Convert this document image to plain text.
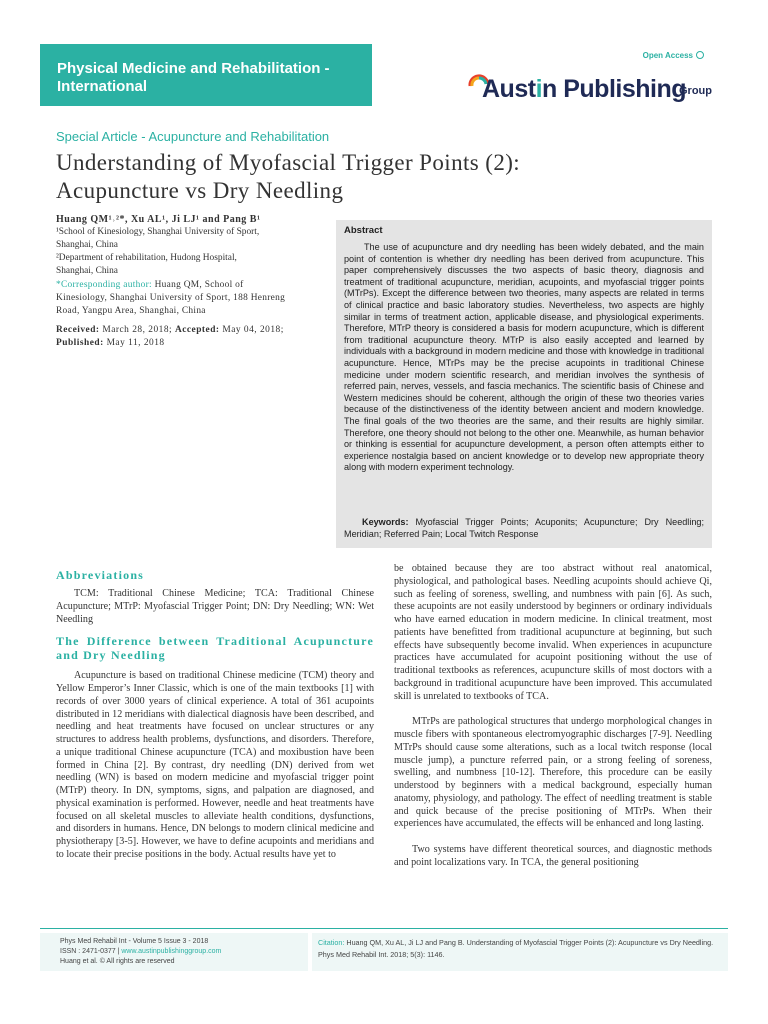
Physical Medicine and Rehabilitation -
International
Open Access
Austin Publishing
Group
Special Article - Acupuncture and Rehabilitation
Understanding of Myofascial Trigger Points (2):
Acupuncture vs Dry Needling
Huang QM¹˒²*, Xu AL¹, Ji LJ¹ and Pang B¹
¹School of Kinesiology, Shanghai University of Sport,
Shanghai, China
²Department of rehabilitation, Hudong Hospital,
Shanghai, China
*Corresponding author: Huang QM, School of
Kinesiology, Shanghai University of Sport, 188 Henreng
Road, Yangpu Area, Shanghai, China
Received: March 28, 2018; Accepted: May 04, 2018;
Published: May 11, 2018
Abstract
The use of acupuncture and dry needling has been widely debated, and the main point of contention is whether dry needling has been derived from acupuncture. This paper comprehensively discusses the two aspects of basic theory, diagnosis and treatment of traditional acupuncture, meridian, acupoints, and myofascial trigger points (MTrPs). Except the difference between two theories, many aspects are related in terms of clinical practice and basic laboratory studies. Nevertheless, two aspects are highly similar in terms of treatment action, applicable disease, and physiological experiments. Therefore, MTrP theory is considered a basis for modern acupuncture, which is different from traditional acupuncture theory. MTrP is also easily accepted and learned by individuals with a background in modern medicine and those with knowledge in traditional acupuncture. Hence, MTrPs may be the precise acupoints in traditional Chinese medicine under modern scientific research, and meridian involves the synthesis of referred pain, nerves, vessels, and fascia mechanics. The scientific basis of Chinese and Western medicines should be coherent, although the origin of these two theories varies because of the distinctiveness of the identity between ancient and modern knowledge. The final goals of the two theories are the same, and their results are highly similar. Therefore, one theory should not belong to the other one. Meanwhile, as human behavior or thinking is essential for acupuncture development, a person often attempts either to experience nostalgia based on ancient knowledge or to develop new appropriate theory along with modern experiment technology.
Keywords: Myofascial Trigger Points; Acuponits; Acupuncture; Dry Needling; Meridian; Referred Pain; Local Twitch Response
Abbreviations

TCM: Traditional Chinese Medicine; TCA: Traditional Chinese Acupuncture; MTrP: Myofascial Trigger Point; DN: Dry Needling; WN: Wet Needling

The Difference between Traditional Acupuncture and Dry Needling

Acupuncture is based on traditional Chinese medicine (TCM) theory and Yellow Emperor’s Inner Classic, which is one of the main textbooks [1] with records of over 3000 years of clinical experience. A total of 361 acupoints distributed in 12 meridians with dialectical diagnosis have been described, and needling and heat treatments have focused on unclear structures or any structures to address health problems, dysfunctions, and disorders. Therefore, a unique traditional Chinese acupuncture (TCA) and moxibustion have been formed in China [2]. By contrast, dry needling (DN) derived from wet needling (WN) is based on modern medicine and myofascial trigger point (MTrP) theory. In DN, symptoms, signs, and palpation are diagnosed, and physical examination is performed. However, needle and heat treatments have focused on all skeletal muscles to alleviate health conditions, dysfunctions, and disorders in humans. Hence, DN belongs to modern clinical medicine and physiotherapy [3-5]. However, we have to define acupoints and meridians and to locate their precise positions in the body. Actual results have yet to

be obtained because they are too abstract without real anatomical, physiological, and pathological bases. Needling acupoints should achieve Qi, such as feeling of soreness, swelling, and numbness with pain [6]. As such, these acupoints are not easily understood by beginners or ordinary individuals who have earned education in modern medicine. In clinical treatment, most patients have benefitted from traditional acupuncture at beginning, but such effects have subsequently become invalid. When experiences in acupuncture practices have accumulated for acupoint positioning without the use of traditional textbooks as references, acupuncture skills of most doctors with a background in traditional acupuncture have been improved. This accumulated skill is unrelated to textbooks of TCA.

MTrPs are pathological structures that undergo morphological changes in muscle fibers with spontaneous electromyographic discharges [7-9]. Needling MTrPs should cause some alterations, such as a local twitch response (local muscle jump), a puncture referred pain, or a strong feeling of soreness, swelling, and numbness [10-12]. Therefore, this procedure can be easily understood by beginners with a medical background, especially human anatomy, physiology, and pathology. The effect of needling treatment is stable and quick because of the precise positioning of MTrPs. When their experiences have accumulated, the effects will be enhanced and long lasting.

Two systems have different theoretical sources, and diagnostic methods and point localizations vary. In TCA, the general positioning

Phys Med Rehabil Int - Volume 5 Issue 3 - 2018
ISSN : 2471-0377 | www.austinpublishinggroup.com
Huang et al. © All rights are reserved
Citation: Huang QM, Xu AL, Ji LJ and Pang B. Understanding of Myofascial Trigger Points (2): Acupuncture vs Dry Needling. Phys Med Rehabil Int. 2018; 5(3): 1146.
